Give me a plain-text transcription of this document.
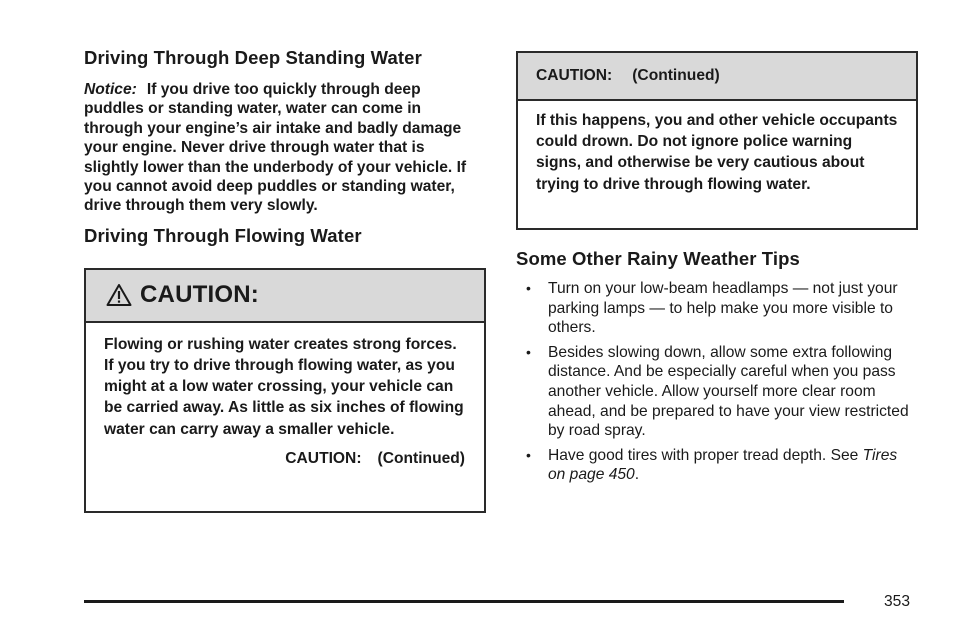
Driving Through Deep Standing Water

Notice: If you drive too quickly through deep puddles or standing water, water can come in through your engine’s air intake and badly damage your engine. Never drive through water that is slightly lower than the underbody of your vehicle. If you cannot avoid deep puddles or standing water, drive through them very slowly.

Driving Through Flowing Water
CAUTION:
Flowing or rushing water creates strong forces. If you try to drive through flowing water, as you might at a low water crossing, your vehicle can be carried away. As little as six inches of flowing water can carry away a smaller vehicle.
CAUTION: (Continued)
CAUTION: (Continued)
If this happens, you and other vehicle occupants could drown. Do not ignore police warning signs, and otherwise be very cautious about trying to drive through flowing water.
Some Other Rainy Weather Tips
• Turn on your low-beam headlamps — not just your parking lamps — to help make you more visible to others.
• Besides slowing down, allow some extra following distance. And be especially careful when you pass another vehicle. Allow yourself more clear room ahead, and be prepared to have your view restricted by road spray.
• Have good tires with proper tread depth. See Tires on page 450.
353
